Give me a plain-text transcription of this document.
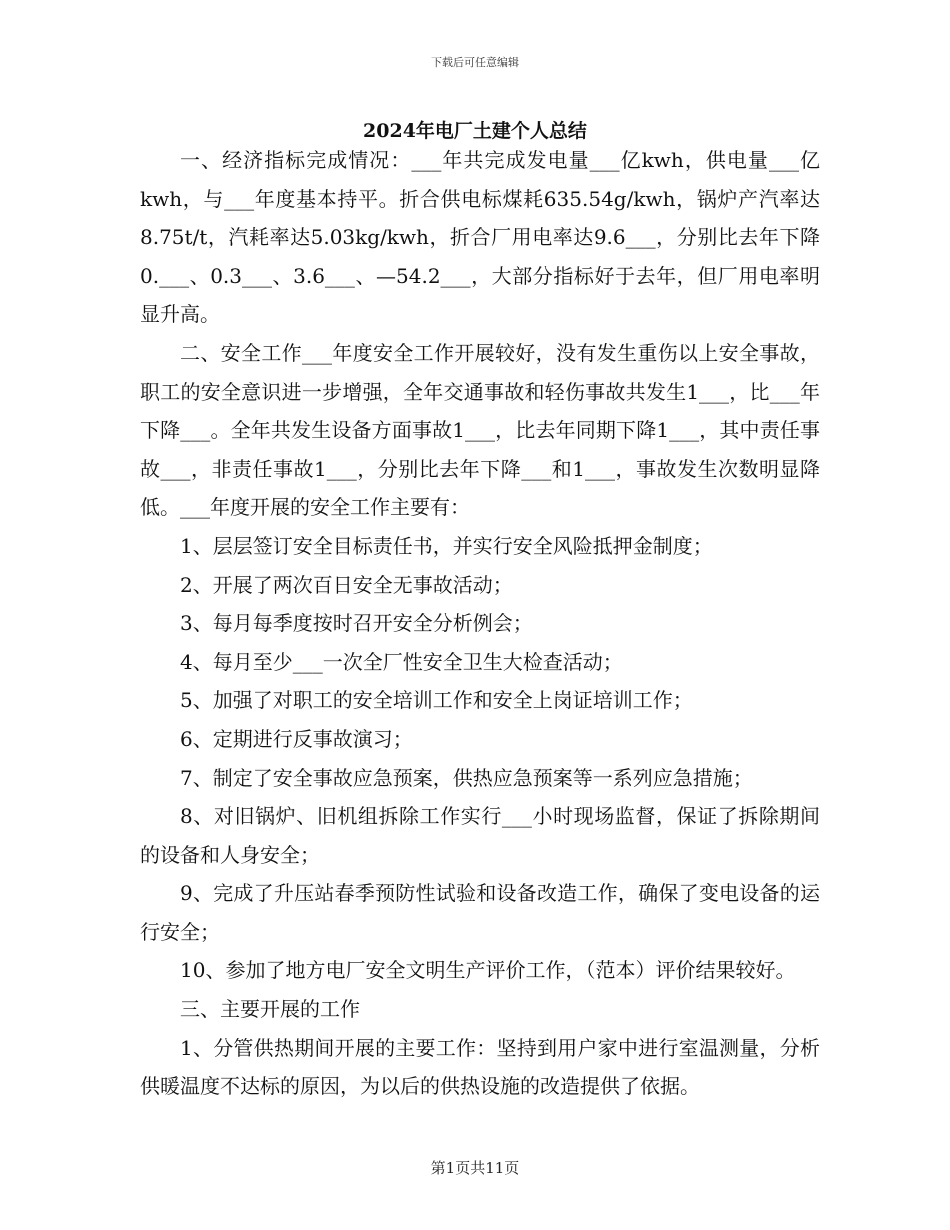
下载后可任意编辑
2024年电厂土建个人总结

一、经济指标完成情况：___年共完成发电量___亿kwh，供电量___亿kwh，与___年度基本持平。折合供电标煤耗635.54g/kwh，锅炉产汽率达8.75t/t，汽耗率达5.03kg/kwh，折合厂用电率达9.6___，分别比去年下降0.___、0.3___、3.6___、—54.2___，大部分指标好于去年，但厂用电率明显升高。

二、安全工作___年度安全工作开展较好，没有发生重伤以上安全事故，职工的安全意识进一步增强，全年交通事故和轻伤事故共发生1___，比___年下降___。全年共发生设备方面事故1___，比去年同期下降1___，其中责任事故___，非责任事故1___，分别比去年下降___和1___，事故发生次数明显降低。___年度开展的安全工作主要有：

1、层层签订安全目标责任书，并实行安全风险抵押金制度；

2、开展了两次百日安全无事故活动；

3、每月每季度按时召开安全分析例会；

4、每月至少___一次全厂性安全卫生大检查活动；

5、加强了对职工的安全培训工作和安全上岗证培训工作；

6、定期进行反事故演习；

7、制定了安全事故应急预案，供热应急预案等一系列应急措施；

8、对旧锅炉、旧机组拆除工作实行___小时现场监督，保证了拆除期间的设备和人身安全；

9、完成了升压站春季预防性试验和设备改造工作，确保了变电设备的运行安全；

10、参加了地方电厂安全文明生产评价工作，（范本）评价结果较好。

三、主要开展的工作

1、分管供热期间开展的主要工作：坚持到用户家中进行室温测量，分析供暖温度不达标的原因，为以后的供热设施的改造提供了依据。

第1页共11页
